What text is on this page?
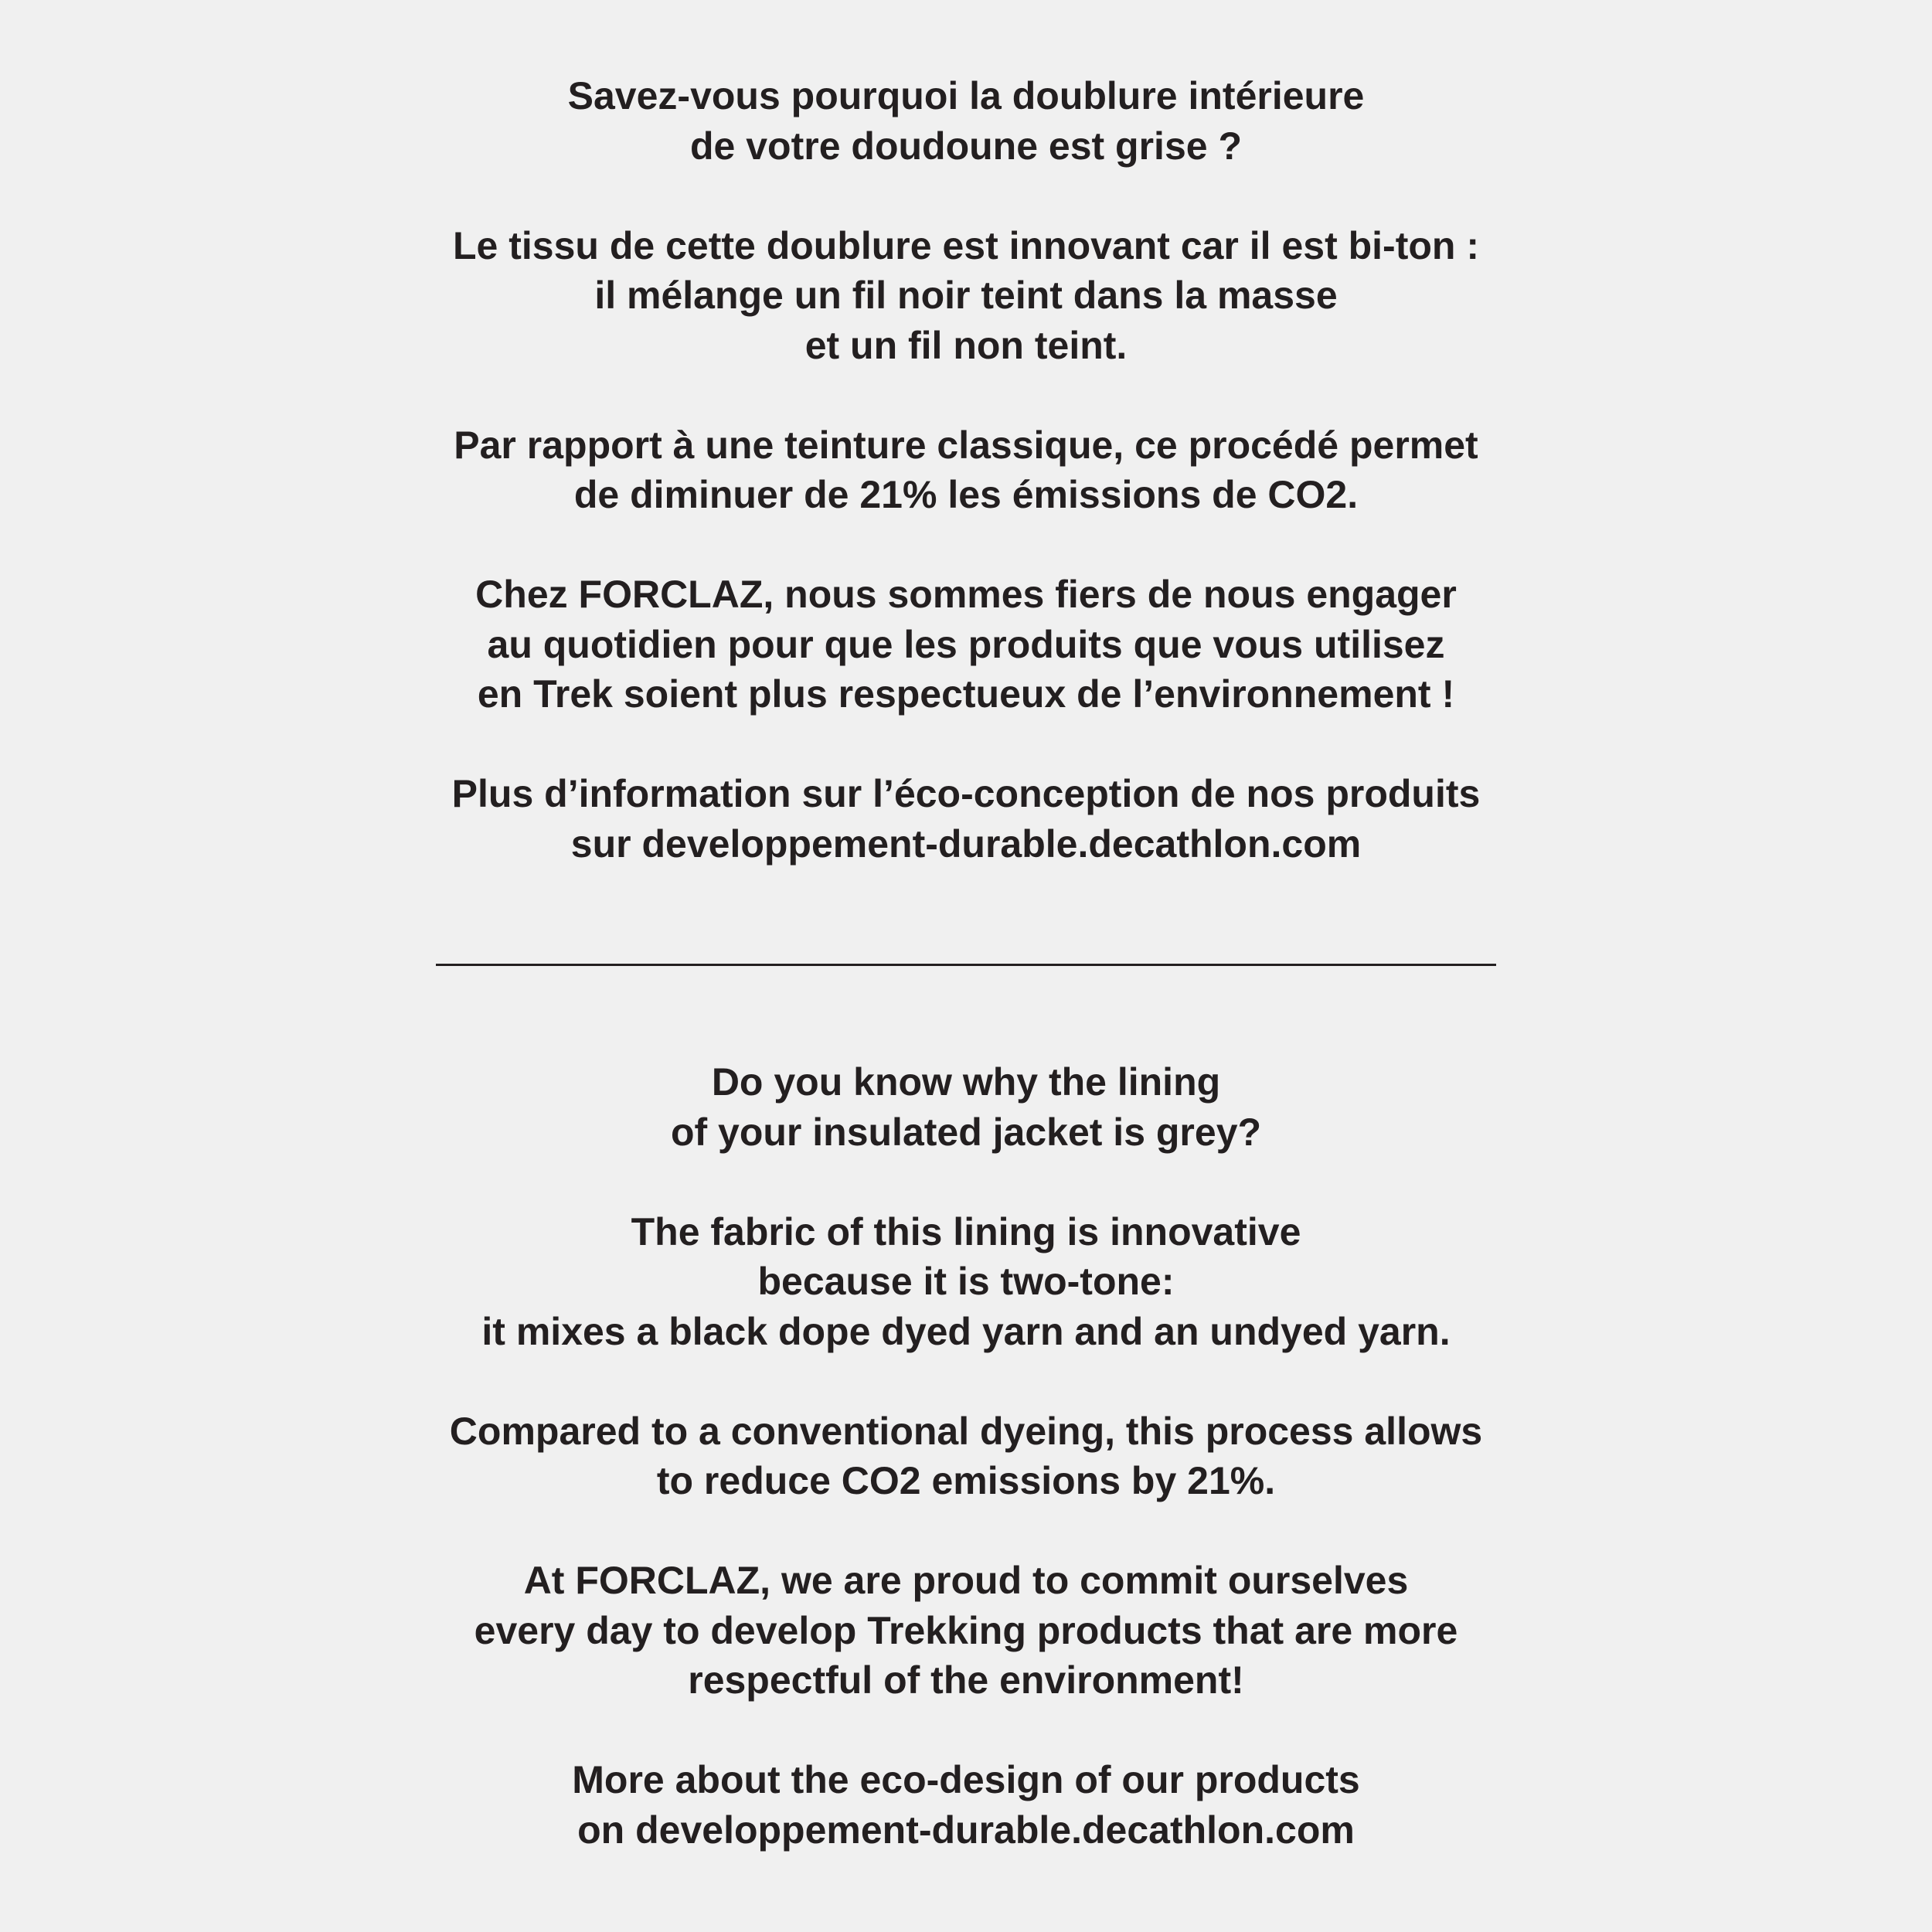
Savez-vous pourquoi la doublure intérieure
de votre doudoune est grise ?

Le tissu de cette doublure est innovant car il est bi-ton :
il mélange un fil noir teint dans la masse
et un fil non teint.

Par rapport à une teinture classique, ce procédé permet
de diminuer de 21% les émissions de CO2.

Chez FORCLAZ, nous sommes fiers de nous engager
au quotidien pour que les produits que vous utilisez
en Trek soient plus respectueux de l’environnement !

Plus d’information sur l’éco-conception de nos produits
sur developpement-durable.decathlon.com

Do you know why the lining
of your insulated jacket is grey?

The fabric of this lining is innovative
because it is two-tone:
it mixes a black dope dyed yarn and an undyed yarn.

Compared to a conventional dyeing, this process allows
to reduce CO2 emissions by 21%.

At FORCLAZ, we are proud to commit ourselves
every day to develop Trekking products that are more
respectful of the environment!

More about the eco-design of our products
on developpement-durable.decathlon.com
